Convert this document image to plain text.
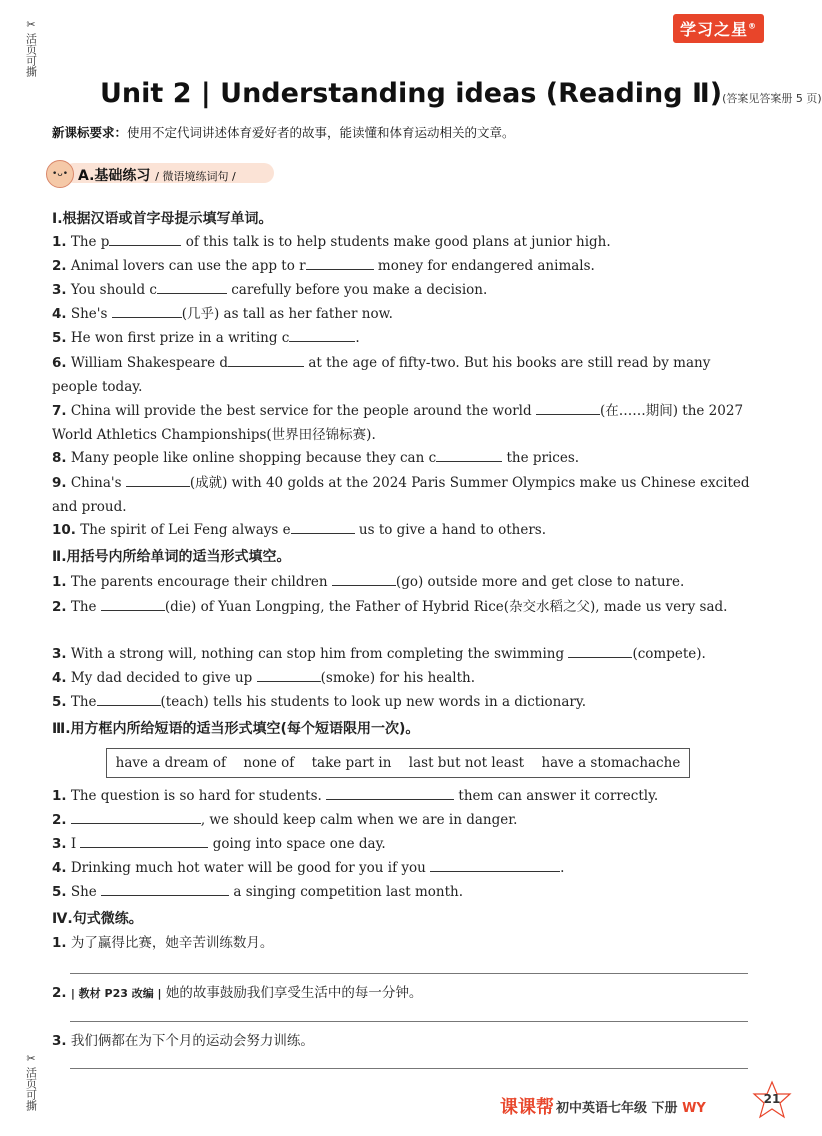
✂
活页可撕
✂
活页可撕
学习之星®
Unit 2 | Understanding ideas (Reading Ⅱ)(答案见答案册 5 页)
新课标要求：使用不定代词讲述体育爱好者的故事，能读懂和体育运动相关的文章。
•ᴗ• A.基础练习 / 微语境练词句 /
Ⅰ.根据汉语或首字母提示填写单词。
1. The p	of this talk is to help students make good plans at junior high.
2. Animal lovers can use the app to r	money for endangered animals.
3. You should c	carefully before you make a decision.
4. She's	(几乎) as tall as her father now.
5. He won first prize in a writing c	.
6. William Shakespeare d	at the age of fifty-two. But his books are still read by many people today.
7. China will provide the best service for the people around the world	(在……期间) the 2027 World Athletics Championships(世界田径锦标赛).
8. Many people like online shopping because they can c	the prices.
9. China's	(成就) with 40 golds at the 2024 Paris Summer Olympics make us Chinese excited and proud.
10. The spirit of Lei Feng always e	us to give a hand to others.
Ⅱ.用括号内所给单词的适当形式填空。
1. The parents encourage their children	(go) outside more and get close to nature.
2. The	(die) of Yuan Longping, the Father of Hybrid Rice(杂交水稻之父), made us very sad.
3. With a strong will, nothing can stop him from completing the swimming	(compete).
4. My dad decided to give up	(smoke) for his health.
5. The	(teach) tells his students to look up new words in a dictionary.
Ⅲ.用方框内所给短语的适当形式填空(每个短语限用一次)。
have a dream of none of take part in last but not least have a stomachache
1. The question is so hard for students.	them can answer it correctly.
2.	, we should keep calm when we are in danger.
3. I	going into space one day.
4. Drinking much hot water will be good for you if you	.
5. She	a singing competition last month.
Ⅳ.句式微练。
1. 为了赢得比赛，她辛苦训练数月。
2. | 教材 P23 改编 | 她的故事鼓励我们享受生活中的每一分钟。
3. 我们俩都在为下个月的运动会努力训练。
课课帮 初中英语七年级 下册 WY
21
